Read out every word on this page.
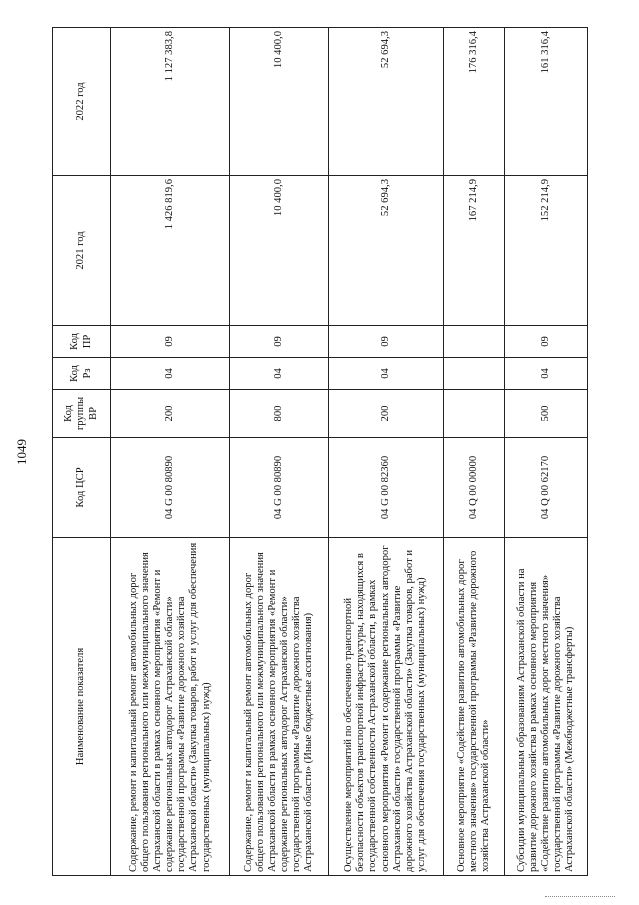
1049
Наименование показателя	Код ЦСР	Код группы ВР	Код Рз	Код ПР	2021 год	2022 год
Содержание, ремонт и капитальный ремонт автомобильных дорог общего пользования регионального или межмуниципального значения Астраханской области в рамках основного мероприятия «Ремонт и содержание региональных автодорог Астраханской области» государственной программы «Развитие дорожного хозяйства Астраханской области» (Закупка товаров, работ и услуг для обеспечения государственных (муниципальных) нужд)	04 G 00 80890	200	04	09	1 426 819,6	1 127 383,8
Содержание, ремонт и капитальный ремонт автомобильных дорог общего пользования регионального или межмуниципального значения Астраханской области в рамках основного мероприятия «Ремонт и содержание региональных автодорог Астраханской области» государственной программы «Развитие дорожного хозяйства Астраханской области» (Иные бюджетные ассигнования)	04 G 00 80890	800	04	09	10 400,0	10 400,0
Осуществление мероприятий по обеспечению транспортной безопасности объектов транспортной инфраструктуры, находящихся в государственной собственности Астраханской области, в рамках основного мероприятия «Ремонт и содержание региональных автодорог Астраханской области» государственной программы «Развитие дорожного хозяйства Астраханской области» (Закупка товаров, работ и услуг для обеспечения государственных (муниципальных) нужд)	04 G 00 82360	200	04	09	52 694,3	52 694,3
Основное мероприятие «Содействие развитию автомобильных дорог местного значения» государственной программы «Развитие дорожного хозяйства Астраханской области»	04 Q 00 00000				167 214,9	176 316,4
Субсидии муниципальным образованиям Астраханской области на развитие дорожного хозяйства в рамках основного мероприятия «Содействие развитию автомобильных дорог местного значения» государственной программы «Развитие дорожного хозяйства Астраханской области» (Межбюджетные трансферты)	04 Q 00 62170	500	04	09	152 214,9	161 316,4
